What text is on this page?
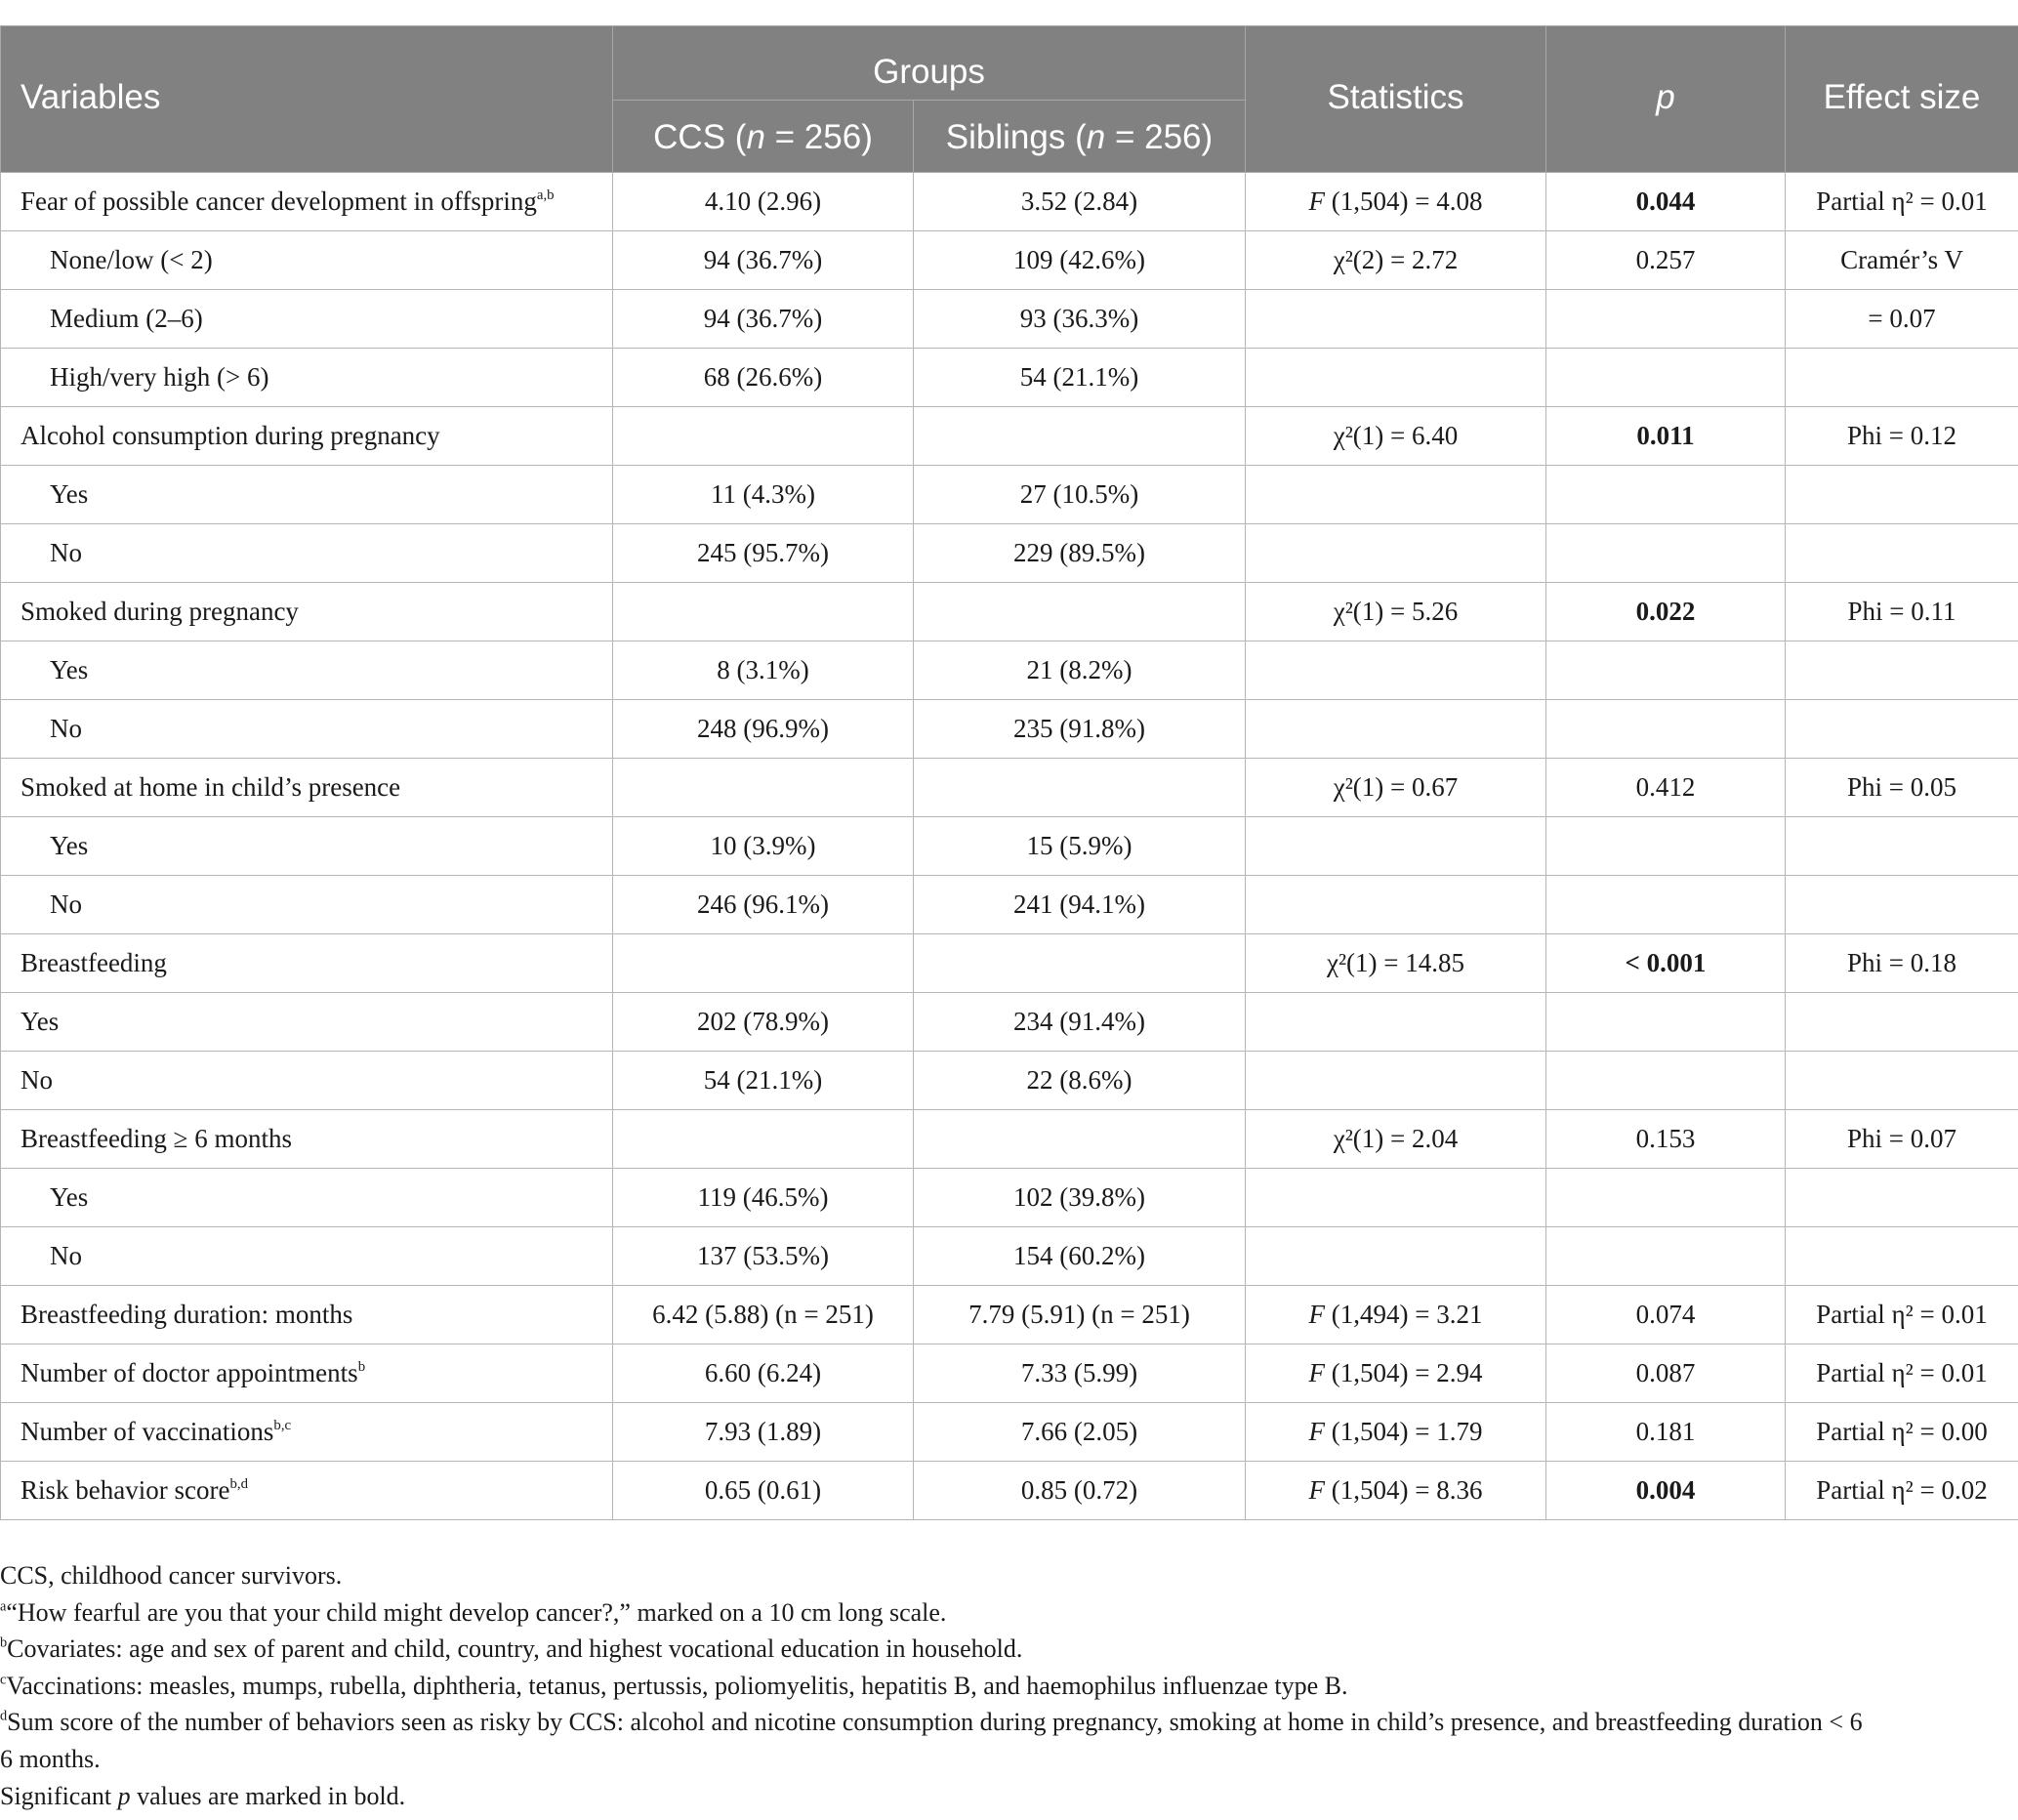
Variables	Groups		Statistics	p	Effect size
	CCS (n = 256)	Siblings (n = 256)			
Fear of possible cancer development in offspring$^{a,b}$	4.10 (2.96)	3.52 (2.84)	F (1,504) = 4.08	0.044	Partial η² = 0.01
None/low (< 2)	94 (36.7%)	109 (42.6%)	χ²(2) = 2.72	0.257	Cramér’s V
Medium (2–6)	94 (36.7%)	93 (36.3%)			= 0.07
High/very high (> 6)	68 (26.6%)	54 (21.1%)			
Alcohol consumption during pregnancy			χ²(1) = 6.40	0.011	Phi = 0.12
Yes	11 (4.3%)	27 (10.5%)			
No	245 (95.7%)	229 (89.5%)			
Smoked during pregnancy			χ²(1) = 5.26	0.022	Phi = 0.11
Yes	8 (3.1%)	21 (8.2%)			
No	248 (96.9%)	235 (91.8%)			
Smoked at home in child’s presence			χ²(1) = 0.67	0.412	Phi = 0.05
Yes	10 (3.9%)	15 (5.9%)			
No	246 (96.1%)	241 (94.1%)			
Breastfeeding			χ²(1) = 14.85	< 0.001	Phi = 0.18
Yes	202 (78.9%)	234 (91.4%)			
No	54 (21.1%)	22 (8.6%)			
Breastfeeding ≥ 6 months			χ²(1) = 2.04	0.153	Phi = 0.07
Yes	119 (46.5%)	102 (39.8%)			
No	137 (53.5%)	154 (60.2%)			
Breastfeeding duration: months	6.42 (5.88) (n = 251)	7.79 (5.91) (n = 251)	F (1,494) = 3.21	0.074	Partial η² = 0.01
Number of doctor appointments$^b$	6.60 (6.24)	7.33 (5.99)	F (1,504) = 2.94	0.087	Partial η² = 0.01
Number of vaccinations$^{b,c}$	7.93 (1.89)	7.66 (2.05)	F (1,504) = 1.79	0.181	Partial η² = 0.00
Risk behavior score$^{b,d}$	0.65 (0.61)	0.85 (0.72)	F (1,504) = 8.36	0.004	Partial η² = 0.02
CCS, childhood cancer survivors.
$^a$“How fearful are you that your child might develop cancer?,” marked on a 10 cm long scale.
$^b$Covariates: age and sex of parent and child, country, and highest vocational education in household.
$^c$Vaccinations: measles, mumps, rubella, diphtheria, tetanus, pertussis, poliomyelitis, hepatitis B, and haemophilus influenzae type B.
$^d$Sum score of the number of behaviors seen as risky by CCS: alcohol and nicotine consumption during pregnancy, smoking at home in child’s presence, and breastfeeding duration < 6
6 months.
Significant p values are marked in bold.
